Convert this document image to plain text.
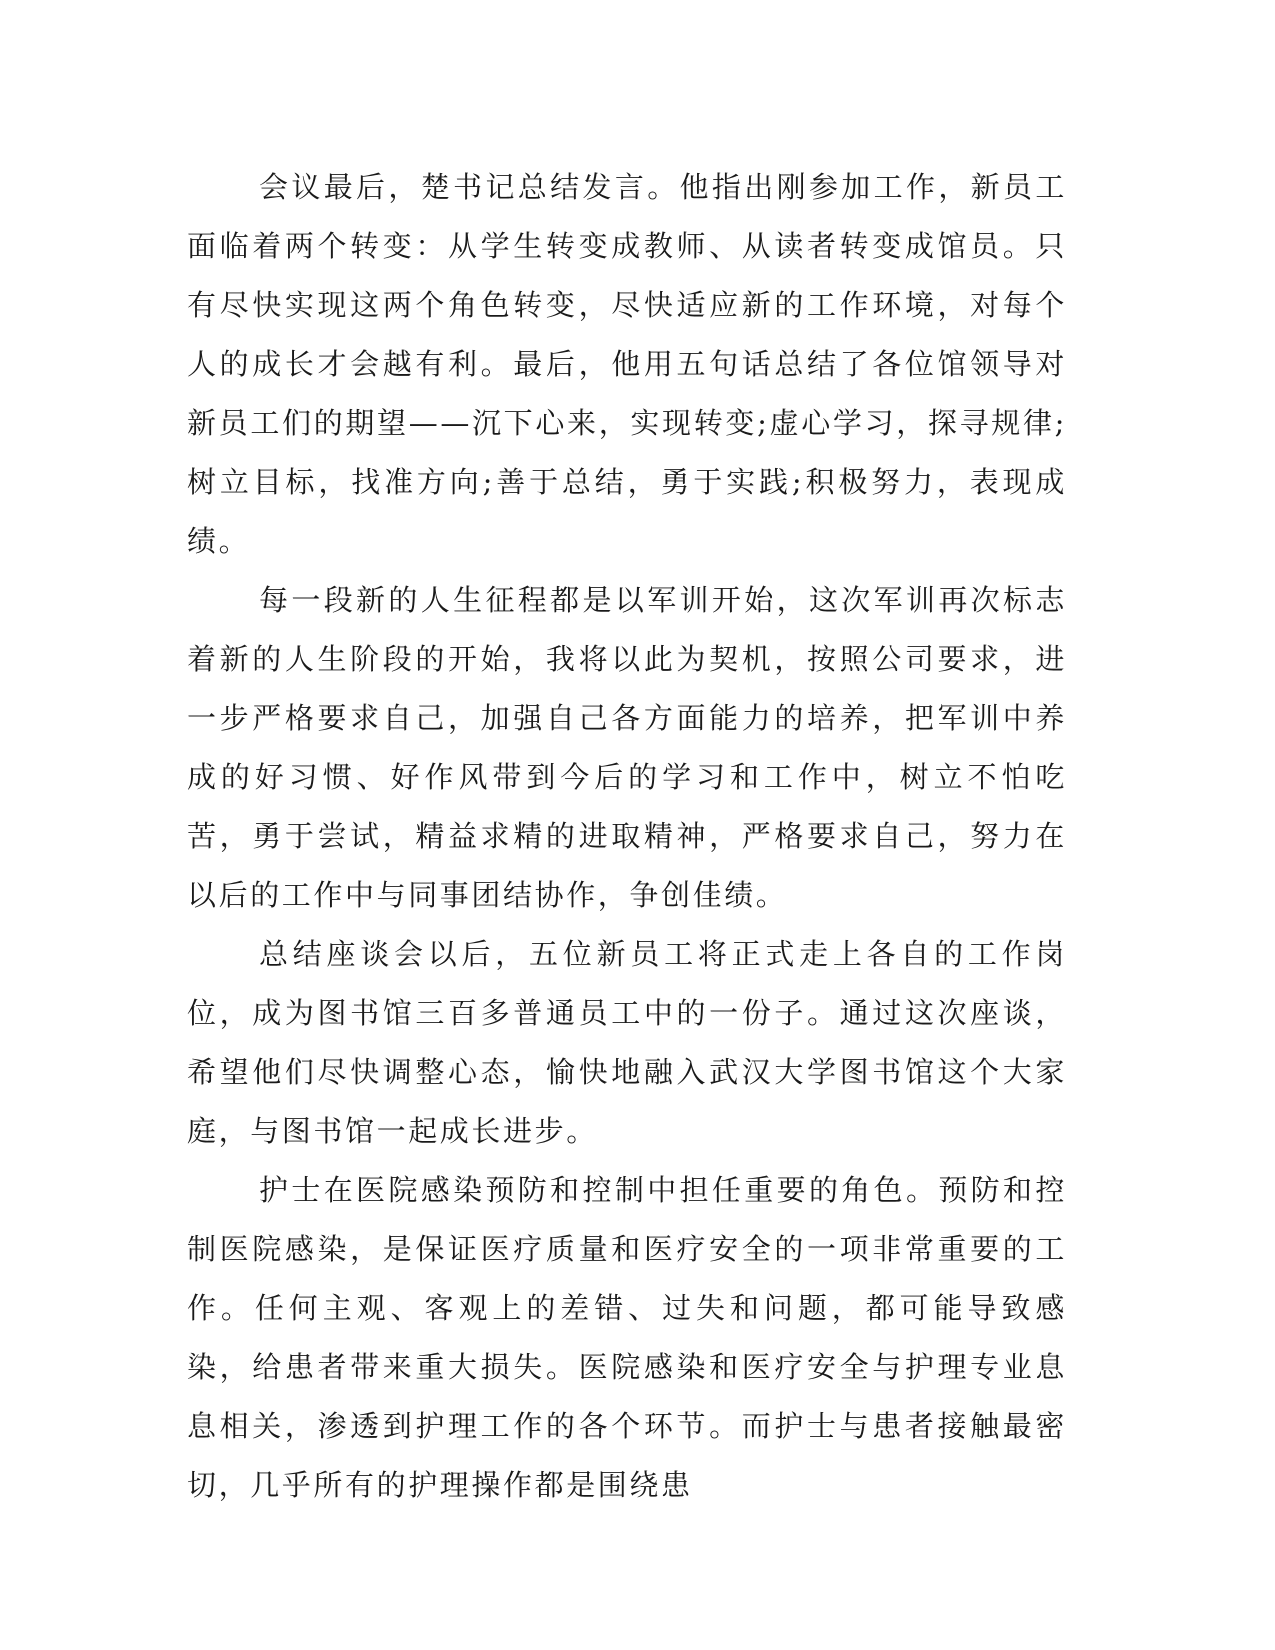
会议最后，楚书记总结发言。他指出刚参加工作，新员工面临着两个转变：从学生转变成教师、从读者转变成馆员。只有尽快实现这两个角色转变，尽快适应新的工作环境，对每个人的成长才会越有利。最后，他用五句话总结了各位馆领导对新员工们的期望——沉下心来，实现转变;虚心学习，探寻规律;树立目标，找准方向;善于总结，勇于实践;积极努力，表现成绩。

每一段新的人生征程都是以军训开始，这次军训再次标志着新的人生阶段的开始，我将以此为契机，按照公司要求，进一步严格要求自己，加强自己各方面能力的培养，把军训中养成的好习惯、好作风带到今后的学习和工作中，树立不怕吃苦，勇于尝试，精益求精的进取精神，严格要求自己，努力在以后的工作中与同事团结协作，争创佳绩。

总结座谈会以后，五位新员工将正式走上各自的工作岗位，成为图书馆三百多普通员工中的一份子。通过这次座谈，希望他们尽快调整心态，愉快地融入武汉大学图书馆这个大家庭，与图书馆一起成长进步。

护士在医院感染预防和控制中担任重要的角色。预防和控制医院感染，是保证医疗质量和医疗安全的一项非常重要的工作。任何主观、客观上的差错、过失和问题，都可能导致感染，给患者带来重大损失。医院感染和医疗安全与护理专业息息相关，渗透到护理工作的各个环节。而护士与患者接触最密切，几乎所有的护理操作都是围绕患
